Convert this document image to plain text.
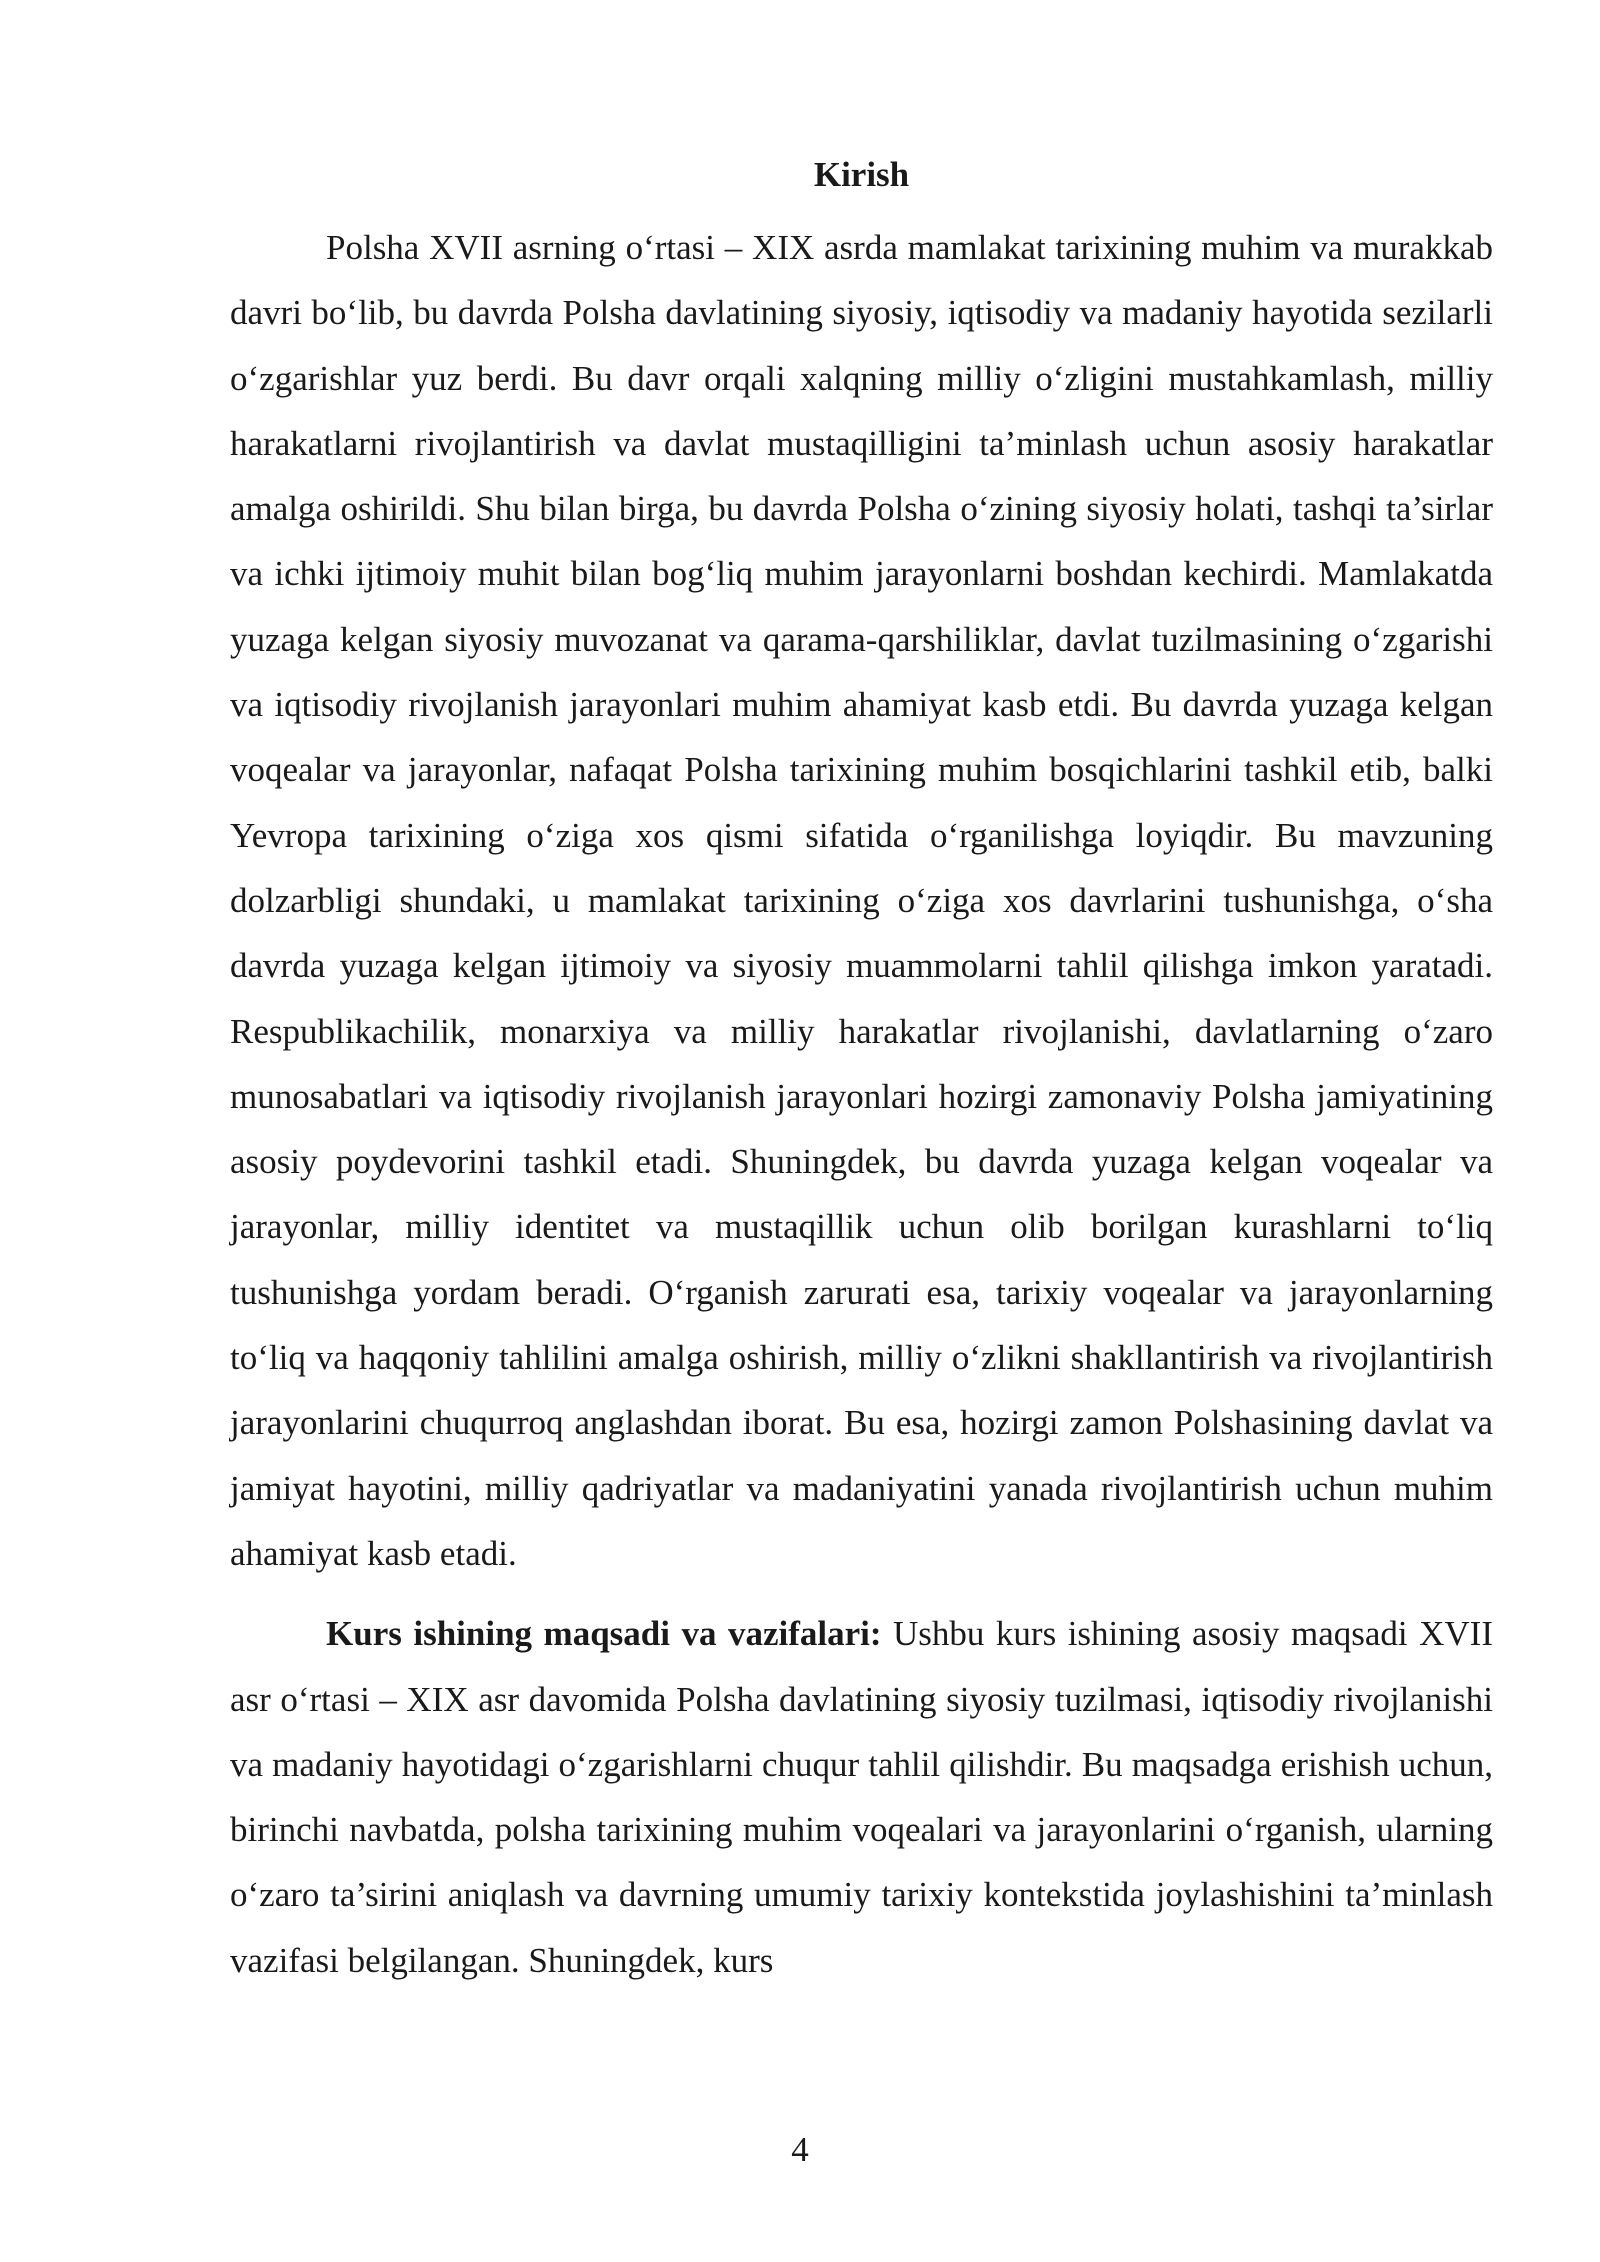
Kirish

Polsha XVII asrning o‘rtasi – XIX asrda mamlakat tarixining muhim va murakkab davri bo‘lib, bu davrda Polsha davlatining siyosiy, iqtisodiy va madaniy hayotida sezilarli o‘zgarishlar yuz berdi. Bu davr orqali xalqning milliy o‘zligini mustahkamlash, milliy harakatlarni rivojlantirish va davlat mustaqilligini ta’minlash uchun asosiy harakatlar amalga oshirildi. Shu bilan birga, bu davrda Polsha o‘zining siyosiy holati, tashqi ta’sirlar va ichki ijtimoiy muhit bilan bog‘liq muhim jarayonlarni boshdan kechirdi. Mamlakatda yuzaga kelgan siyosiy muvozanat va qarama-qarshiliklar, davlat tuzilmasining o‘zgarishi va iqtisodiy rivojlanish jarayonlari muhim ahamiyat kasb etdi. Bu davrda yuzaga kelgan voqealar va jarayonlar, nafaqat Polsha tarixining muhim bosqichlarini tashkil etib, balki Yevropa tarixining o‘ziga xos qismi sifatida o‘rganilishga loyiqdir. Bu mavzuning dolzarbligi shundaki, u mamlakat tarixining o‘ziga xos davrlarini tushunishga, o‘sha davrda yuzaga kelgan ijtimoiy va siyosiy muammolarni tahlil qilishga imkon yaratadi. Respublikachilik, monarxiya va milliy harakatlar rivojlanishi, davlatlarning o‘zaro munosabatlari va iqtisodiy rivojlanish jarayonlari hozirgi zamonaviy Polsha jamiyatining asosiy poydevorini tashkil etadi. Shuningdek, bu davrda yuzaga kelgan voqealar va jarayonlar, milliy identitet va mustaqillik uchun olib borilgan kurashlarni to‘liq tushunishga yordam beradi. O‘rganish zarurati esa, tarixiy voqealar va jarayonlarning to‘liq va haqqoniy tahlilini amalga oshirish, milliy o‘zlikni shakllantirish va rivojlantirish jarayonlarini chuqurroq anglashdan iborat. Bu esa, hozirgi zamon Polshasining davlat va jamiyat hayotini, milliy qadriyatlar va madaniyatini yanada rivojlantirish uchun muhim ahamiyat kasb etadi.

Kurs ishining maqsadi va vazifalari: Ushbu kurs ishining asosiy maqsadi XVII asr o‘rtasi – XIX asr davomida Polsha davlatining siyosiy tuzilmasi, iqtisodiy rivojlanishi va madaniy hayotidagi o‘zgarishlarni chuqur tahlil qilishdir. Bu maqsadga erishish uchun, birinchi navbatda, polsha tarixining muhim voqealari va jarayonlarini o‘rganish, ularning o‘zaro ta’sirini aniqlash va davrning umumiy tarixiy kontekstida joylashishini ta’minlash vazifasi belgilangan. Shuningdek, kurs

4
